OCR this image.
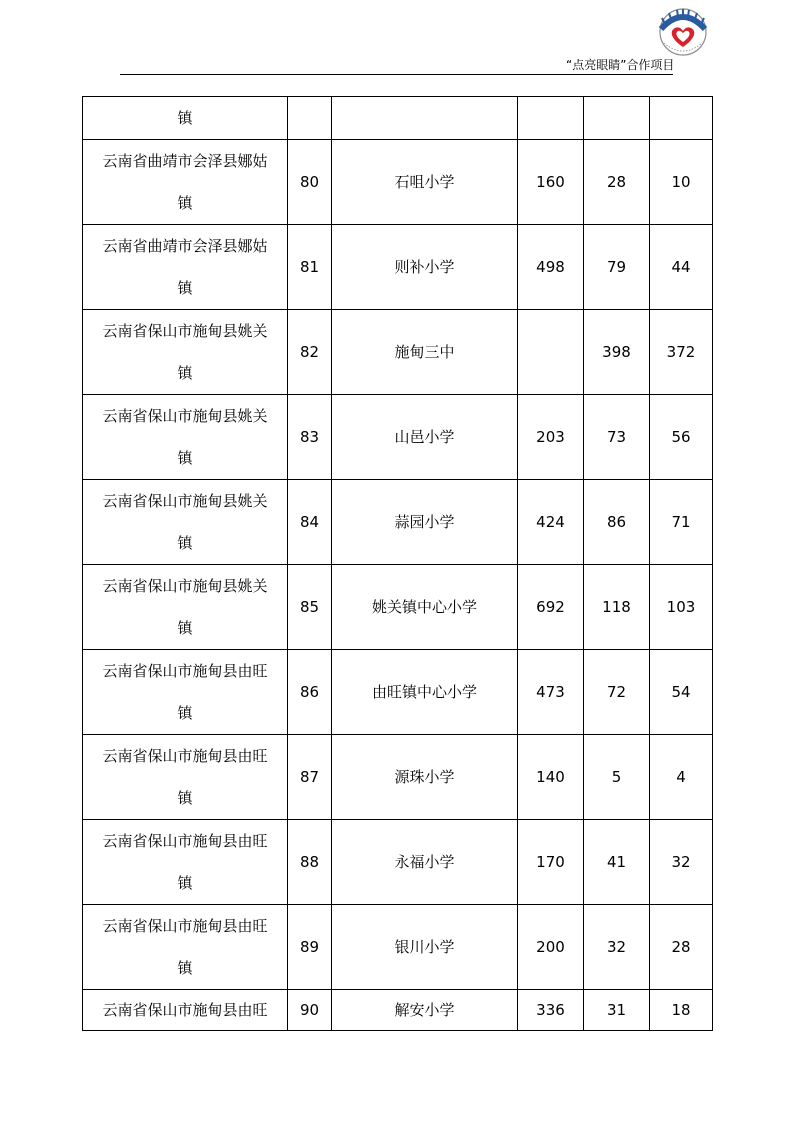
“点亮眼睛”合作项目
镇					

云南省曲靖市会泽县娜姑
镇	80	石咀小学	160	28	10

云南省曲靖市会泽县娜姑
镇	81	则补小学	498	79	44

云南省保山市施甸县姚关
镇	82	施甸三中		398	372

云南省保山市施甸县姚关
镇	83	山邑小学	203	73	56

云南省保山市施甸县姚关
镇	84	蒜园小学	424	86	71

云南省保山市施甸县姚关
镇	85	姚关镇中心小学	692	118	103

云南省保山市施甸县由旺
镇	86	由旺镇中心小学	473	72	54

云南省保山市施甸县由旺
镇	87	源珠小学	140	5	4

云南省保山市施甸县由旺
镇	88	永福小学	170	41	32

云南省保山市施甸县由旺
镇	89	银川小学	200	32	28
云南省保山市施甸县由旺	90	解安小学	336	31	18
